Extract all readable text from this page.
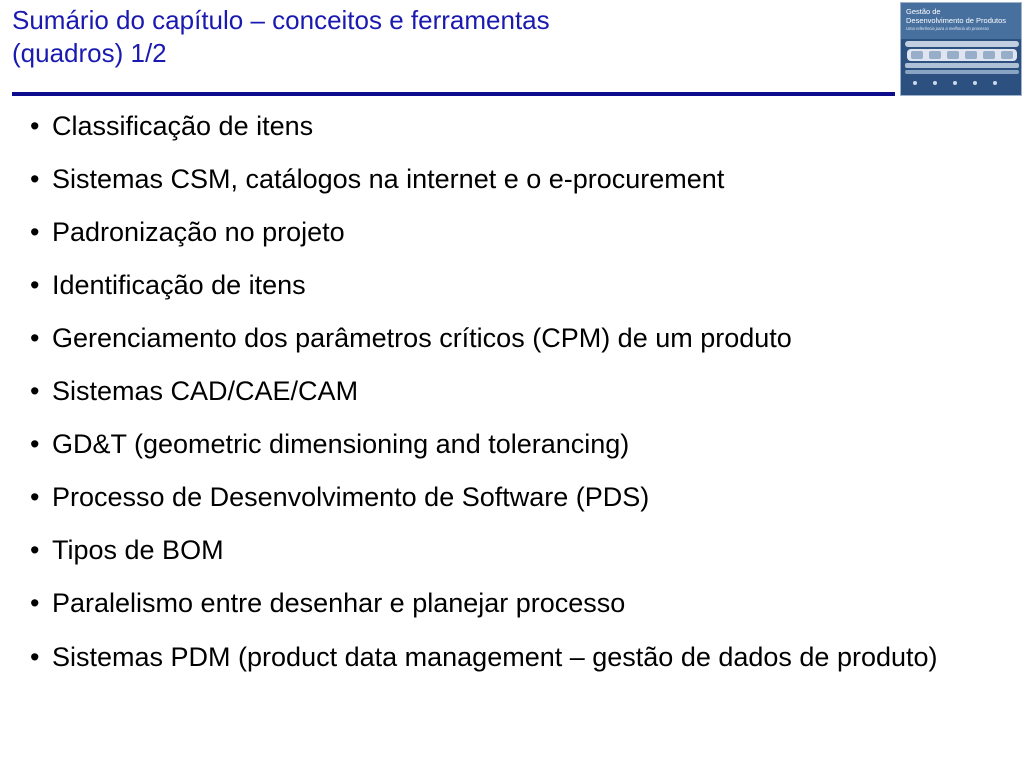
Sumário do capítulo – conceitos e ferramentas
(quadros) 1/2
Gestão de
Desenvolvimento de Produtos
Uma referência para a melhoria do processo
• Classificação de itens
• Sistemas CSM, catálogos na internet e o e-procurement
• Padronização no projeto
• Identificação de itens
• Gerenciamento dos parâmetros críticos (CPM) de um produto
• Sistemas CAD/CAE/CAM
• GD&T (geometric dimensioning and tolerancing)
• Processo de Desenvolvimento de Software (PDS)
• Tipos de BOM
• Paralelismo entre desenhar e planejar processo
• Sistemas PDM (product data management – gestão de dados de produto)
